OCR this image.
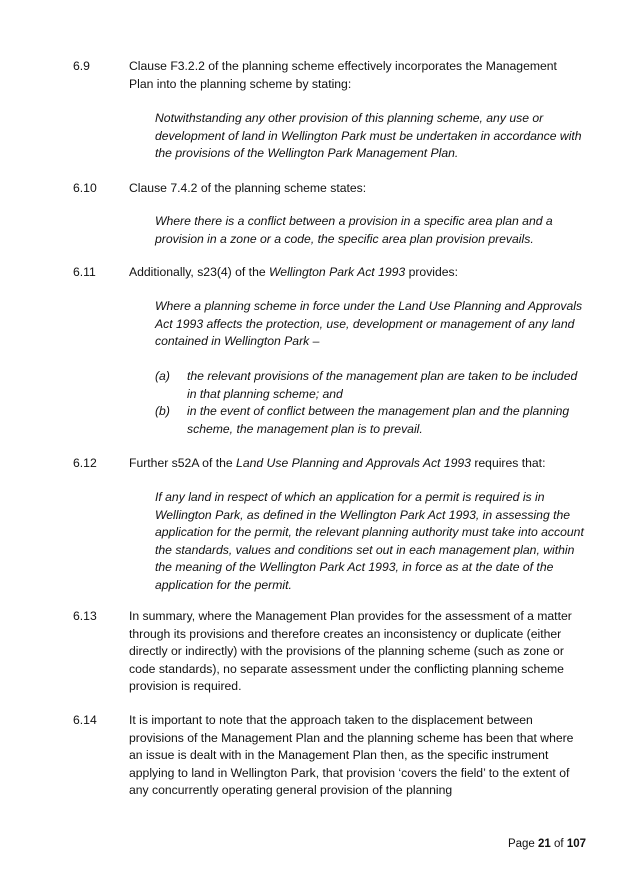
6.9	Clause F3.2.2 of the planning scheme effectively incorporates the Management Plan into the planning scheme by stating:
Notwithstanding any other provision of this planning scheme, any use or development of land in Wellington Park must be undertaken in accordance with the provisions of the Wellington Park Management Plan.
6.10	Clause 7.4.2 of the planning scheme states:
Where there is a conflict between a provision in a specific area plan and a provision in a zone or a code, the specific area plan provision prevails.
6.11	Additionally, s23(4) of the Wellington Park Act 1993 provides:
Where a planning scheme in force under the Land Use Planning and Approvals Act 1993 affects the protection, use, development or management of any land contained in Wellington Park –
(a) the relevant provisions of the management plan are taken to be included in that planning scheme; and
(b) in the event of conflict between the management plan and the planning scheme, the management plan is to prevail.
6.12	Further s52A of the Land Use Planning and Approvals Act 1993 requires that:
If any land in respect of which an application for a permit is required is in Wellington Park, as defined in the Wellington Park Act 1993, in assessing the application for the permit, the relevant planning authority must take into account the standards, values and conditions set out in each management plan, within the meaning of the Wellington Park Act 1993, in force as at the date of the application for the permit.
6.13	In summary, where the Management Plan provides for the assessment of a matter through its provisions and therefore creates an inconsistency or duplicate (either directly or indirectly) with the provisions of the planning scheme (such as zone or code standards), no separate assessment under the conflicting planning scheme provision is required.
6.14	It is important to note that the approach taken to the displacement between provisions of the Management Plan and the planning scheme has been that where an issue is dealt with in the Management Plan then, as the specific instrument applying to land in Wellington Park, that provision ‘covers the field’ to the extent of any concurrently operating general provision of the planning
Page 21 of 107
